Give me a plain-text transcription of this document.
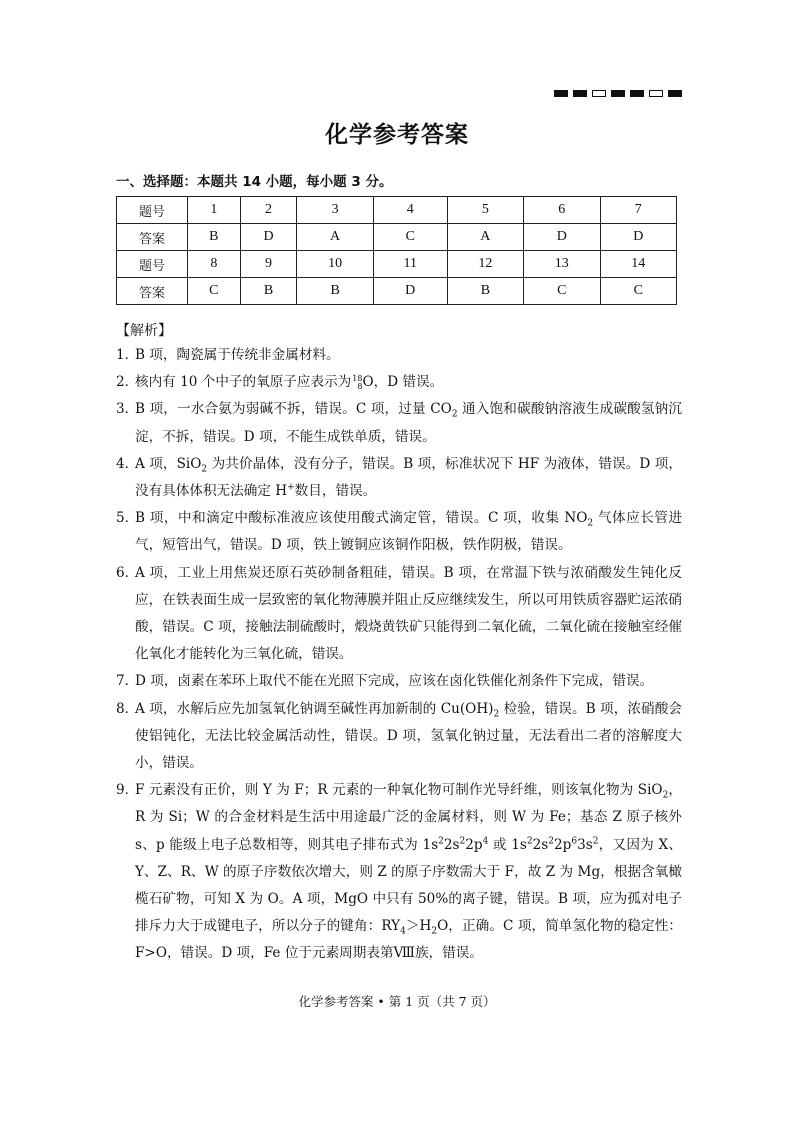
化学参考答案
一、选择题：本题共 14 小题，每小题 3 分。
题号	1	2	3	4	5	6	7
答案	B	D	A	C	A	D	D
题号	8	9	10	11	12	13	14
答案	C	B	B	D	B	C	C
【解析】
1．
B 项，陶瓷属于传统非金属材料。
2．
核内有 10 个中子的氧原子应表示为 18
8 O，D 错误。
3．
B 项，一水合氨为弱碱不拆，错误。C 项，过量 $CO_2$ 通入饱和碳酸钠溶液生成碳酸氢钠沉淀，不拆，错误。D 项，不能生成铁单质，错误。
4．
A 项，SiO$_2$ 为共价晶体，没有分子，错误。B 项，标准状况下 HF 为液体，错误。D 项，没有具体体积无法确定 H+数目，错误。
5．
B 项，中和滴定中酸标准液应该使用酸式滴定管，错误。C 项，收集 $NO_2$ 气体应长管进气，短管出气，错误。D 项，铁上镀铜应该铜作阳极，铁作阴极，错误。
6．
A 项，工业上用焦炭还原石英砂制备粗硅，错误。B 项，在常温下铁与浓硝酸发生钝化反应，在铁表面生成一层致密的氧化物薄膜并阻止反应继续发生，所以可用铁质容器贮运浓硝酸，错误。C 项，接触法制硫酸时，煅烧黄铁矿只能得到二氧化硫，二氧化硫在接触室经催化氧化才能转化为三氧化硫，错误。
7．
D 项，卤素在苯环上取代不能在光照下完成，应该在卤化铁催化剂条件下完成，错误。
8．
A 项，水解后应先加氢氧化钠调至碱性再加新制的 $Cu(OH)_2$ 检验，错误。B 项，浓硝酸会使铝钝化，无法比较金属活动性，错误。D 项，氢氧化钠过量，无法看出二者的溶解度大小，错误。
9．
F 元素没有正价，则 Y 为 F；R 元素的一种氧化物可制作光导纤维，则该氧化物为 SiO$_2$，R 为 Si；W 的合金材料是生活中用途最广泛的金属材料，则 W 为 Fe；基态 Z 原子核外 s、p 能级上电子总数相等，则其电子排布式为 $1s^22s^22p^4$ 或 $1s^22s^22p^63s^2$，又因为 X、Y、Z、R、W 的原子序数依次增大，则 Z 的原子序数需大于 F，故 Z 为 Mg，根据含氧橄榄石矿物，可知 X 为 O。A 项，MgO 中只有 50%的离子键，错误。B 项，应为孤对电子排斥力大于成键电子，所以分子的键角：$RY_4>H_2O$，正确。C 项，简单氢化物的稳定性：F>O，错误。D 项，Fe 位于元素周期表第Ⅷ族，错误。
化学参考答案 • 第 1 页（共 7 页）
